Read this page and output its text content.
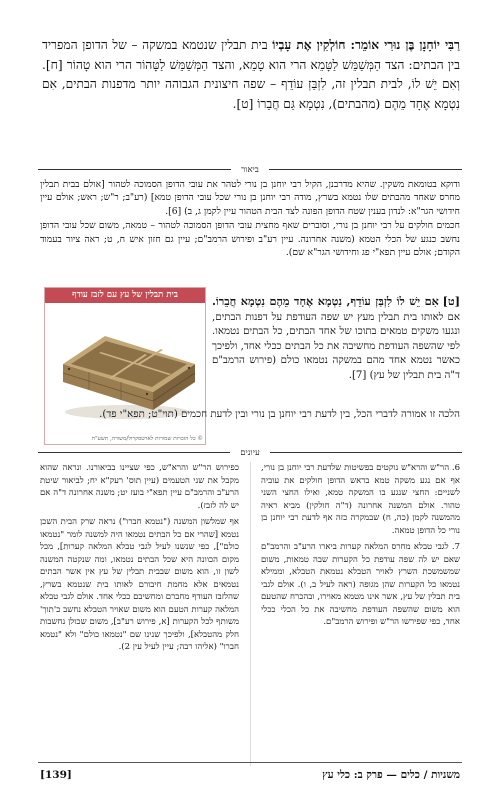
רַבִּי יוֹחָנָן בֶּן נוּרִי אוֹמֵר: חוֹלְקִין אֶת עָבְיוֹ בית תבלין שנטמא במשקה – של הדופן המפריד בין הבתים: הצד הַמְּשַׁמֵּשׁ לַטָּמֵא הרי הוא טָמֵא, והצד הַמְּשַׁמֵּשׁ לַטָּהוֹר הרי הוא טָהוֹר [ח]. וְאִם יֵשׁ לוֹ, לבית תבלין זה, לִזְבַּזְ עוֹדֵף – שפה חיצונית הגבוהה יותר מדפנות הבתים, אִם נִטְמָא אֶחָד מֵהֶם (מהבתים), נִטְמָא גַּם חֲבֵרוֹ [ט].
ביאור

ודוקא בטומאת משקין. שהיא מדרבנן, הקיל רבי יוחנן בן נורי לטהר את עובי הדופן הסמוכה לטהור [אולם בבית תבלין מחרס שאחד מהבתים שלו נטמא בשרץ, מודה רבי יוחנן בן נורי שכל עובי הדופן טמא] (רע"ב; ר"ש; ראש; אולם עיין חידושי הגר"א: לנדון בענין שטח הדופן הפונה לצד הבית הטהור עיין לקמן ג, ב) [6].

חכמים חולקים על רבי יוחנן בן נורי, וסוברים שאף מחצית עובי הדופן הסמוכה לטהור – טמאה, משום שכל עובי הדופן נחשב כנגע של הכלי הטמא (משנה אחרונה. עיין רע"ב ופירוש הרמב"ם; עיין גם חזון איש ח, ט; ראה ציור בעמוד הקודם; אולם עיין תפא"י פג וחידושי הגר"א שם).

בית תבלין של עץ עם לזבז עודף
© כל הזכויות שמורות לארטסקרול/משורה, תשע"ח
[ט] אִם יֵשׁ לוֹ לִזְבַּזְ עוֹדֵף, נִטְמָא אֶחָד מֵהֶם נִטְמָא חֲבֵרוֹ. אם לאותו בית תבלין מעץ יש שפה העודפת על דפנות הבתים, ונגעו משקים טמאים בתוכו של אחד הבתים, כל הבתים נטמאו. לפי שהשפה העודפת מחשיבה את כל הבתים ככלי אחד, ולפיכך כאשר נטמא אחד מהם במשקה נטמאו כולם (פירוש הרמב"ם ד"ה בית תבלין של עץ) [7].
הלכה זו אמורה לדברי הכל, בין לדעת רבי יוחנן בן נורי ובין לדעת חכמים (תוי"ט; תפא"י פד).
עיונים

6. הר"ש והרא"ש נוקטים בפשיטות שלדעת רבי יוחנן בן נורי, אף אם נגע משקה טמא בראש הדופן חולקים את עוביה לשניים: החצי שנגע בו המשקה טמא, ואילו החצי השני טהור. אולם המשנה אחרונה (ד"ה חולקין) מביא ראיה מהמשנה לקמן (כה, ח) שבמקרה כזה אף לדעת רבי יוחנן בן נורי כל הדופן טמאה.

7. לגבי טבלא מחרס המלאה קערות ביארו הרע"ב והרמב"ם שאם יש לה שפה עודפת כל הקערות שבה טמאות, משום שמשמשכת השרץ לאויר הטבלא נטמאת הטבלא, וממילא נטמאו כל הקערות שהן מגופה (ראה לעיל ב, ו). אולם לגבי בית תבלין של עץ, אשר אינו מטמא מאוירו, ובהכרח שהטעם הוא משום שהשפה העודפת מחשיבה את כל הכלי ככלי אחד, כפי שפירשו הר"ש ופירוש הרמב"ם.

כפירוש הר"ש והרא"ש, כפי שציינו בביאורנו. ונראה שהוא מקבל את שני הטעמים (עיין תוס' רעק"א יח; לביאור שיטת הרע"ב והרמב"ם עיין תפא"י בועז יט; משנה אחרונה ד"ה אם יש לה לזבז).

אף שמלשון המשנה ("נטמא חברו") נראה שרק הבית השכן נטמא [שהרי אם כל הבתים נטמאו היה למשנה לומר "נטמאו כולם"], כפי שנשנו לעיל לגבי טבלא המלאה קערות], מכל מקום הכוונה היא שכל הבתים נטמאו, ומה שנקטה המשנה לשון זו, הוא משום שבבית תבלין של עץ אין אשר הבתים נטמאים אלא מחמת חיבורם לאותו בית שנטמא בשרץ, שהלזבז העודף מחברם ומחשיבם ככלי אחד. אולם לגבי טבלא המלאה קערות הטעם הוא משום שאויר הטבלא נחשב כ'תוך' משותף לכל הקערות [א, פירוש רע"ב], משום שכולן נחשבות חלק מהטבלא], ולפיכך שנינו שם "נטמאו כולם" ולא "נטמא חברו" (אליהו רבה; עיין לעיל עין 2).

משניות / כלים — פרק ב: כלי עץ
[139]
